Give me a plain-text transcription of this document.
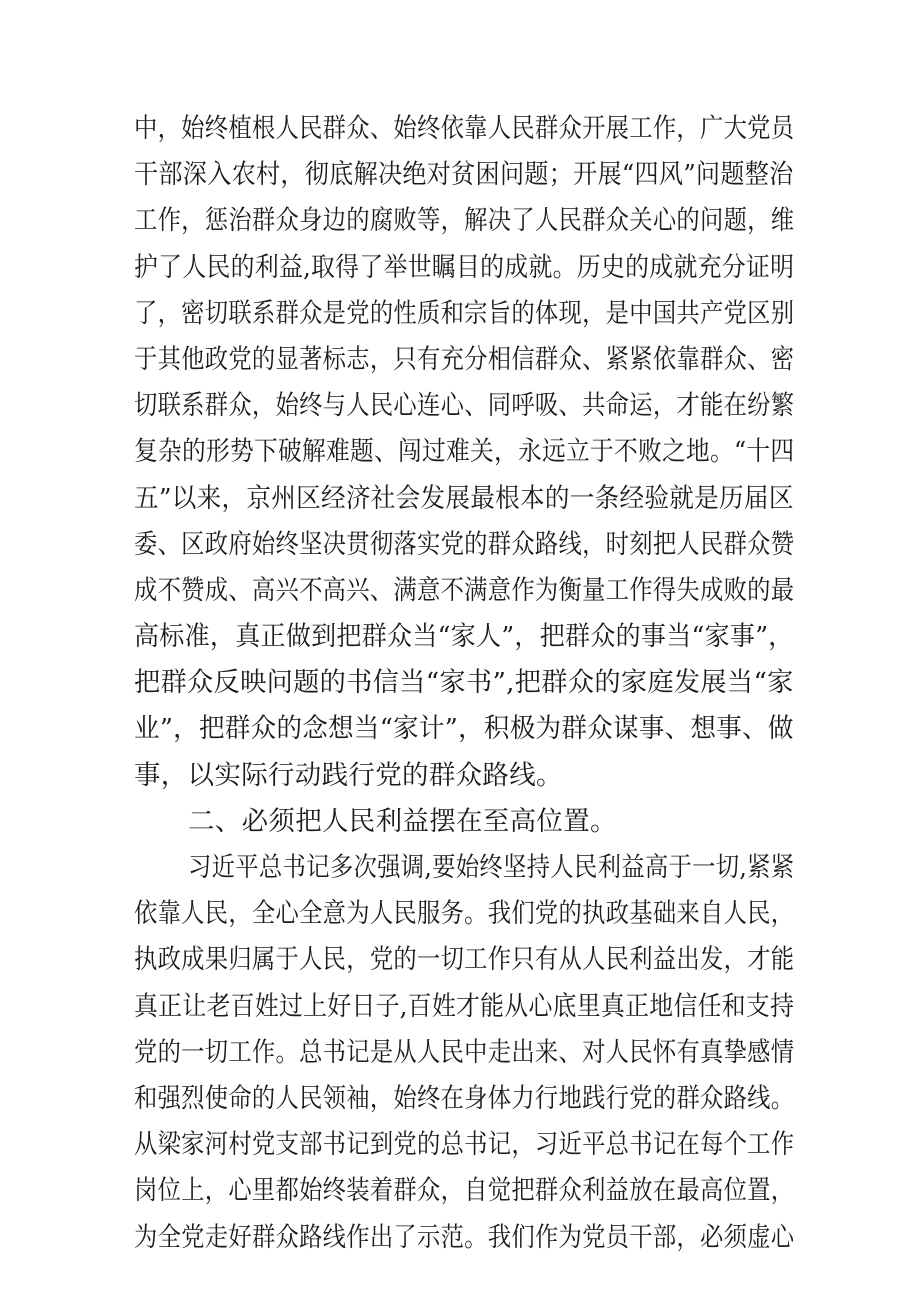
中，始终植根人民群众、始终依靠人民群众开展工作，广大党员
干部深入农村，彻底解决绝对贫困问题；开展“四风”问题整治
工作，惩治群众身边的腐败等，解决了人民群众关心的问题，维
护了人民的利益,取得了举世瞩目的成就。历史的成就充分证明
了，密切联系群众是党的性质和宗旨的体现，是中国共产党区别
于其他政党的显著标志，只有充分相信群众、紧紧依靠群众、密
切联系群众，始终与人民心连心、同呼吸、共命运，才能在纷繁
复杂的形势下破解难题、闯过难关，永远立于不败之地。“十四
五”以来，京州区经济社会发展最根本的一条经验就是历届区
委、区政府始终坚决贯彻落实党的群众路线，时刻把人民群众赞
成不赞成、高兴不高兴、满意不满意作为衡量工作得失成败的最
高标准，真正做到把群众当“家人”，把群众的事当“家事”，
把群众反映问题的书信当“家书”,把群众的家庭发展当“家
业”，把群众的念想当“家计”，积极为群众谋事、想事、做
事，以实际行动践行党的群众路线。
二、必须把人民利益摆在至高位置。
习近平总书记多次强调,要始终坚持人民利益高于一切,紧紧
依靠人民，全心全意为人民服务。我们党的执政基础来自人民，
执政成果归属于人民，党的一切工作只有从人民利益出发，才能
真正让老百姓过上好日子,百姓才能从心底里真正地信任和支持
党的一切工作。总书记是从人民中走出来、对人民怀有真挚感情
和强烈使命的人民领袖，始终在身体力行地践行党的群众路线。
从梁家河村党支部书记到党的总书记，习近平总书记在每个工作
岗位上，心里都始终装着群众，自觉把群众利益放在最高位置，
为全党走好群众路线作出了示范。我们作为党员干部，必须虚心
